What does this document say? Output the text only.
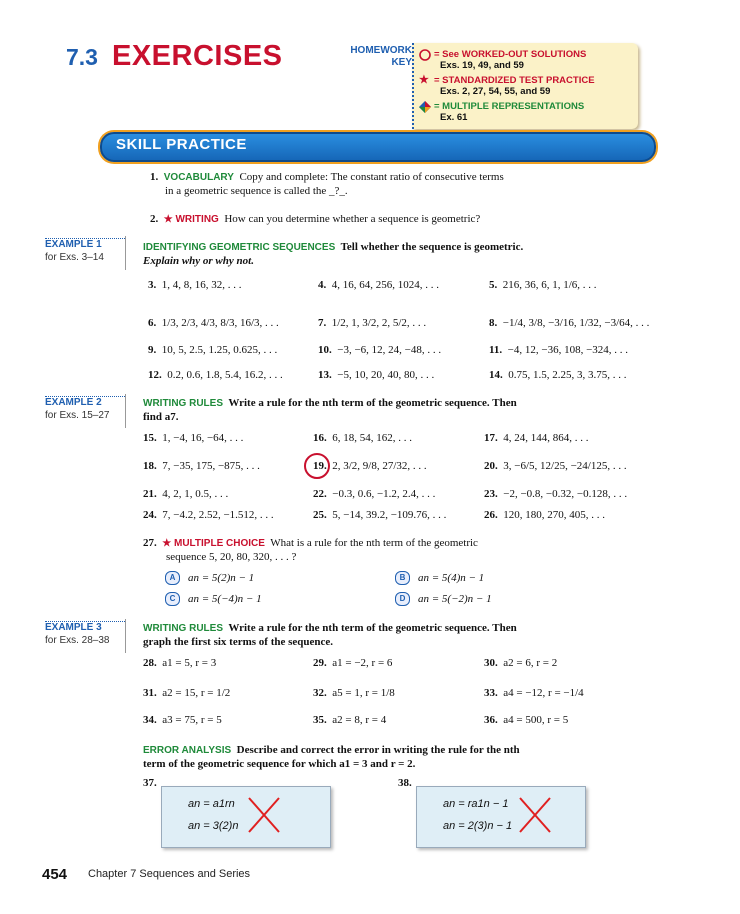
7.3 EXERCISES	HOMEWORK
KEY
= See WORKED-OUT SOLUTIONS
Exs. 19, 49, and 59
★ = STANDARDIZED TEST PRACTICE
Exs. 2, 27, 54, 55, and 59
= MULTIPLE REPRESENTATIONS
Ex. 61
SKILL PRACTICE
1. VOCABULARY Copy and complete: The constant ratio of consecutive terms
in a geometric sequence is called the _?_.
2. ★ WRITING How can you determine whether a sequence is geometric?
EXAMPLE 1
for Exs. 3–14
IDENTIFYING GEOMETRIC SEQUENCES Tell whether the sequence is geometric.
Explain why or why not.
3.  1, 4, 8, 16, 32, . . .	4.  4, 16, 64, 256, 1024, . . .	5.  216, 36, 6, 1, 1/6, . . .
6.  1/3, 2/3, 4/3, 8/3, 16/3, . . .	7.  1/2, 1, 3/2, 2, 5/2, . . .	8.  −1/4, 3/8, −3/16, 1/32, −3/64, . . .
9.  10, 5, 2.5, 1.25, 0.625, . . .	10.  −3, −6, 12, 24, −48, . . .	11.  −4, 12, −36, 108, −324, . . .
12.  0.2, 0.6, 1.8, 5.4, 16.2, . . .	13.  −5, 10, 20, 40, 80, . . .	14.  0.75, 1.5, 2.25, 3, 3.75, . . .
EXAMPLE 2
for Exs. 15–27
WRITING RULES Write a rule for the nth term of the geometric sequence. Then
find a7.
15.  1, −4, 16, −64, . . .	16.  6, 18, 54, 162, . . .	17.  4, 24, 144, 864, . . .
18.  7, −35, 175, −875, . . .	19.  2, 3/2, 9/8, 27/32, . . .	20.  3, −6/5, 12/25, −24/125, . . .
21.  4, 2, 1, 0.5, . . .	22.  −0.3, 0.6, −1.2, 2.4, . . .	23.  −2, −0.8, −0.32, −0.128, . . .
24.  7, −4.2, 2.52, −1.512, . . .	25.  5, −14, 39.2, −109.76, . . .	26.  120, 180, 270, 405, . . .
27. ★ MULTIPLE CHOICE What is a rule for the nth term of the geometric
sequence 5, 20, 80, 320, . . . ?
A an = 5(2)n − 1	B an = 5(4)n − 1
C an = 5(−4)n − 1	D an = 5(−2)n − 1
EXAMPLE 3
for Exs. 28–38
WRITING RULES Write a rule for the nth term of the geometric sequence. Then
graph the first six terms of the sequence.
28.  a1 = 5, r = 3	29.  a1 = −2, r = 6	30.  a2 = 6, r = 2
31.  a2 = 15, r = 1/2	32.  a5 = 1, r = 1/8	33.  a4 = −12, r = −1/4
34.  a3 = 75, r = 5	35.  a2 = 8, r = 4	36.  a4 = 500, r = 5
ERROR ANALYSIS Describe and correct the error in writing the rule for the nth
term of the geometric sequence for which a1 = 3 and r = 2.
37.
an = a1rn
an = 3(2)n
38.
an = ra1n − 1
an = 2(3)n − 1
454 Chapter 7 Sequences and Series
